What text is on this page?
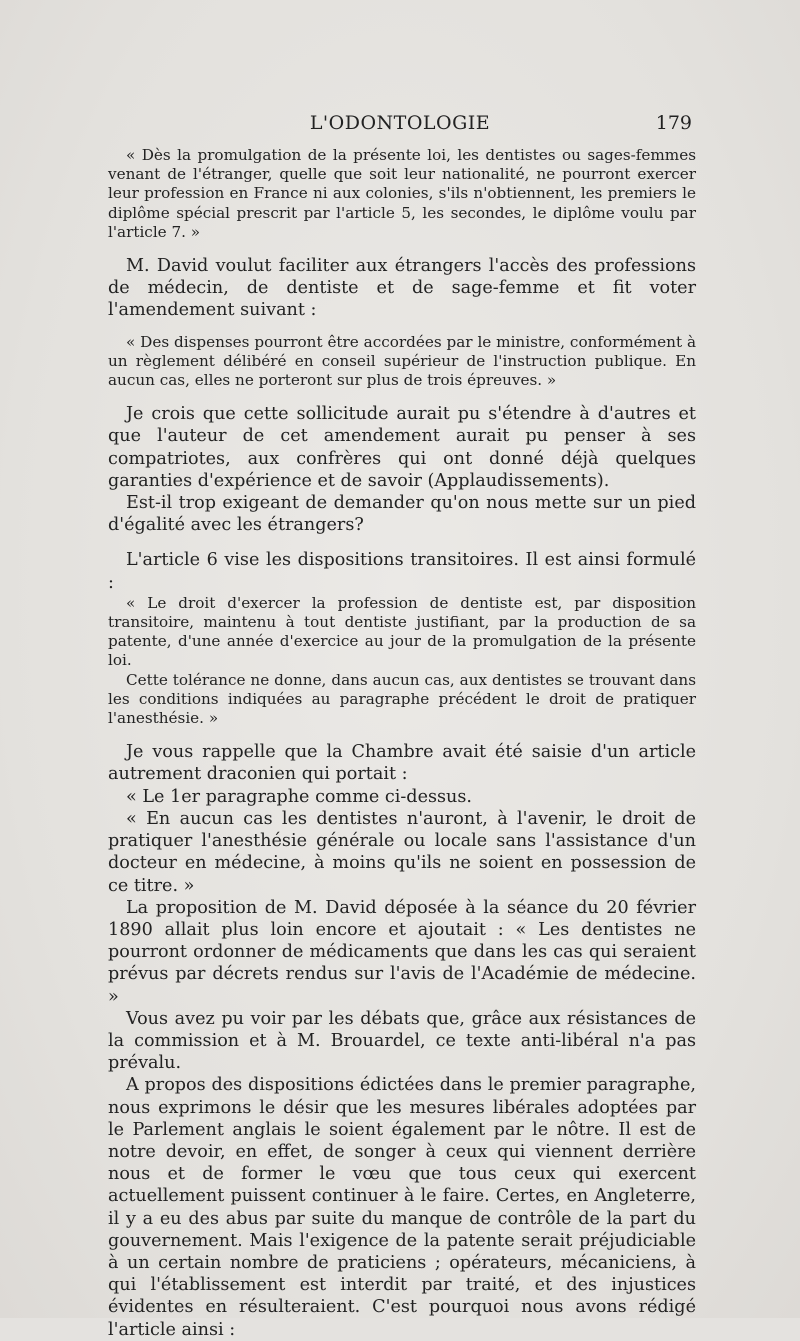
L'ODONTOLOGIE	179

« Dès la promulgation de la présente loi, les dentistes ou sages-femmes venant de l'étranger, quelle que soit leur nationalité, ne pourront exercer leur profession en France ni aux colonies, s'ils n'obtiennent, les premiers le diplôme spécial prescrit par l'article 5, les secondes, le diplôme voulu par l'article 7. »

M. David voulut faciliter aux étrangers l'accès des professions de médecin, de dentiste et de sage-femme et fit voter l'amendement suivant :

« Des dispenses pourront être accordées par le ministre, conformément à un règlement délibéré en conseil supérieur de l'instruction publique. En aucun cas, elles ne porteront sur plus de trois épreuves. »

Je crois que cette sollicitude aurait pu s'étendre à d'autres et que l'auteur de cet amendement aurait pu penser à ses compatriotes, aux confrères qui ont donné déjà quelques garanties d'expérience et de savoir (Applaudissements).

Est-il trop exigeant de demander qu'on nous mette sur un pied d'égalité avec les étrangers?

L'article 6 vise les dispositions transitoires. Il est ainsi formulé :

« Le droit d'exercer la profession de dentiste est, par disposition transitoire, maintenu à tout dentiste justifiant, par la production de sa patente, d'une année d'exercice au jour de la promulgation de la présente loi.

Cette tolérance ne donne, dans aucun cas, aux dentistes se trouvant dans les conditions indiquées au paragraphe précédent le droit de pratiquer l'anesthésie. »

Je vous rappelle que la Chambre avait été saisie d'un article autrement draconien qui portait :

« Le 1er paragraphe comme ci-dessus.

« En aucun cas les dentistes n'auront, à l'avenir, le droit de pratiquer l'anesthésie générale ou locale sans l'assistance d'un docteur en médecine, à moins qu'ils ne soient en possession de ce titre. »

La proposition de M. David déposée à la séance du 20 février 1890 allait plus loin encore et ajoutait : « Les dentistes ne pourront ordonner de médicaments que dans les cas qui seraient prévus par décrets rendus sur l'avis de l'Académie de médecine. »

Vous avez pu voir par les débats que, grâce aux résistances de la commission et à M. Brouardel, ce texte anti-libéral n'a pas prévalu.

A propos des dispositions édictées dans le premier paragraphe, nous exprimons le désir que les mesures libérales adoptées par le Parlement anglais le soient également par le nôtre. Il est de notre devoir, en effet, de songer à ceux qui viennent derrière nous et de former le vœu que tous ceux qui exercent actuellement puissent continuer à le faire. Certes, en Angleterre, il y a eu des abus par suite du manque de contrôle de la part du gouvernement. Mais l'exigence de la patente serait préjudiciable à un certain nombre de praticiens ; opérateurs, mécaniciens, à qui l'établissement est interdit par traité, et des injustices évidentes en résulteraient. C'est pourquoi nous avons rédigé l'article ainsi :
